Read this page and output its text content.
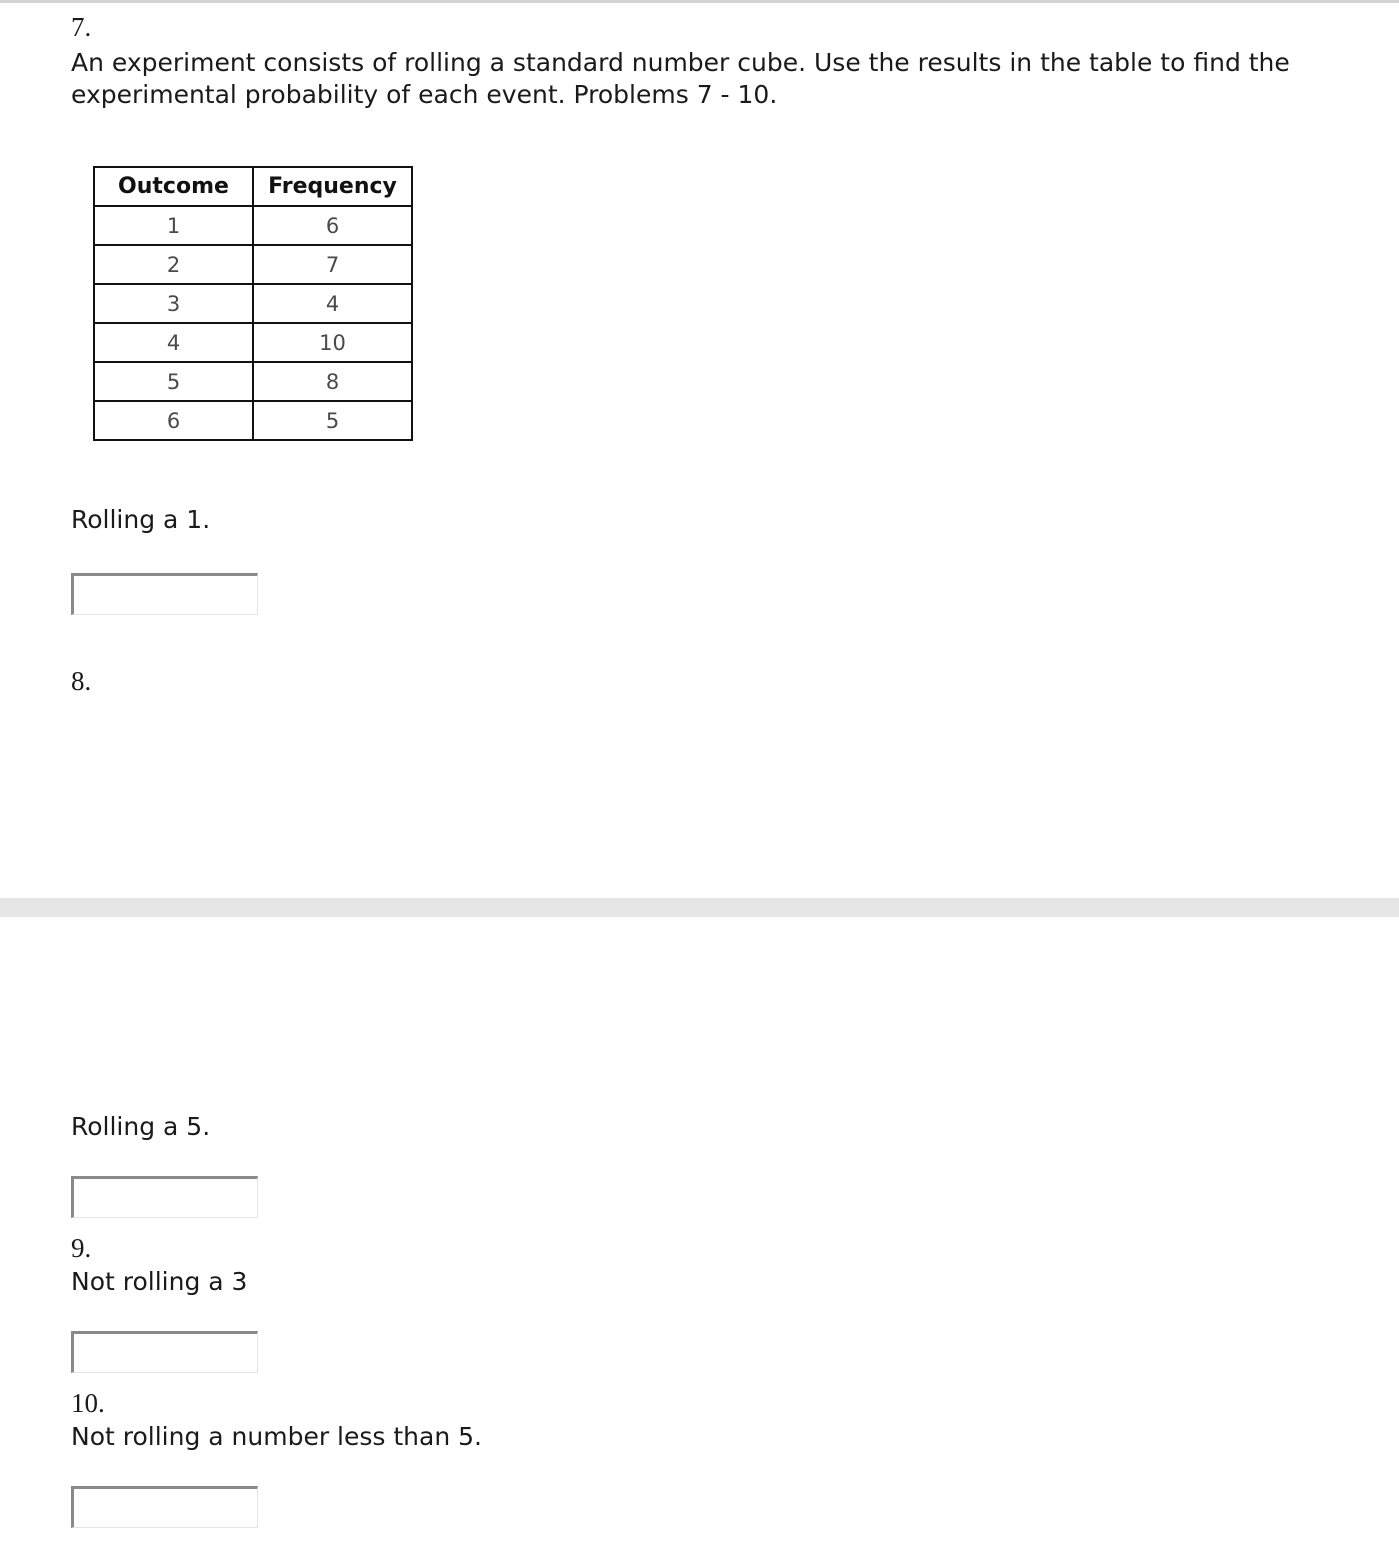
7.
An experiment consists of rolling a standard number cube. Use the results in the table to find the experimental probability of each event. Problems 7 - 10.
Outcome	Frequency
1	6
2	7
3	4
4	10
5	8
6	5
Rolling a 1.
8.
Rolling a 5.
9.
Not rolling a 3
10.
Not rolling a number less than 5.
